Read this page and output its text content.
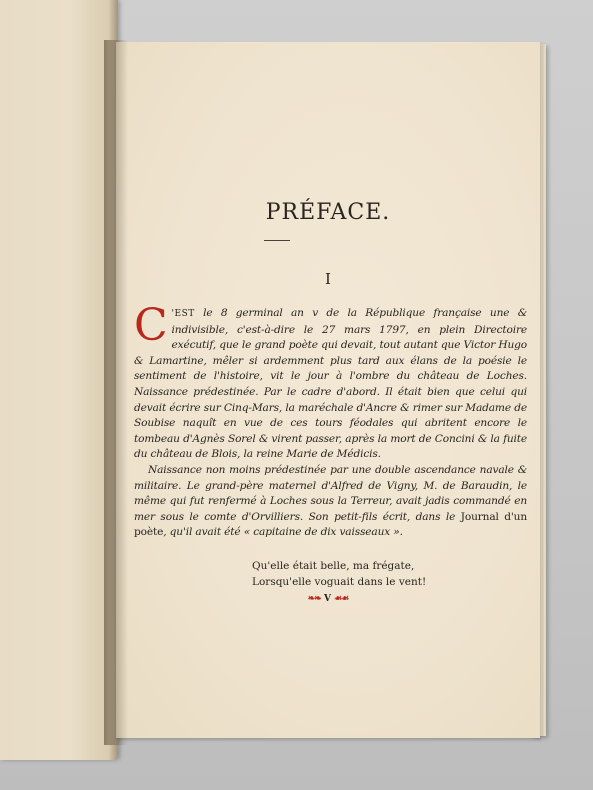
PRÉFACE.
I

C 'EST le 8 germinal an v de la République française une & indivisible, c'est-à-dire le 27 mars 1797, en plein Directoire exécutif, que le grand poète qui devait, tout autant que Victor Hugo & Lamartine, mêler si ardemment plus tard aux élans de la poésie le sentiment de l'histoire, vit le jour à l'ombre du château de Loches. Naissance prédestinée. Par le cadre d'abord. Il était bien que celui qui devait écrire sur Cinq-Mars, la maréchale d'Ancre & rimer sur Madame de Soubise naquît en vue de ces tours féodales qui abritent encore le tombeau d'Agnès Sorel & virent passer, après la mort de Concini & la fuite du château de Blois, la reine Marie de Médicis.

Naissance non moins prédestinée par une double ascendance navale & militaire. Le grand-père maternel d'Alfred de Vigny, M. de Baraudin, le même qui fut renfermé à Loches sous la Terreur, avait jadis commandé en mer sous le comte d'Orvilliers. Son petit-fils écrit, dans le Journal d'un poète, qu'il avait été « capitaine de dix vaisseaux ».

Qu'elle était belle, ma frégate,
Lorsqu'elle voguait dans le vent!
❧❧ V ☙☙
